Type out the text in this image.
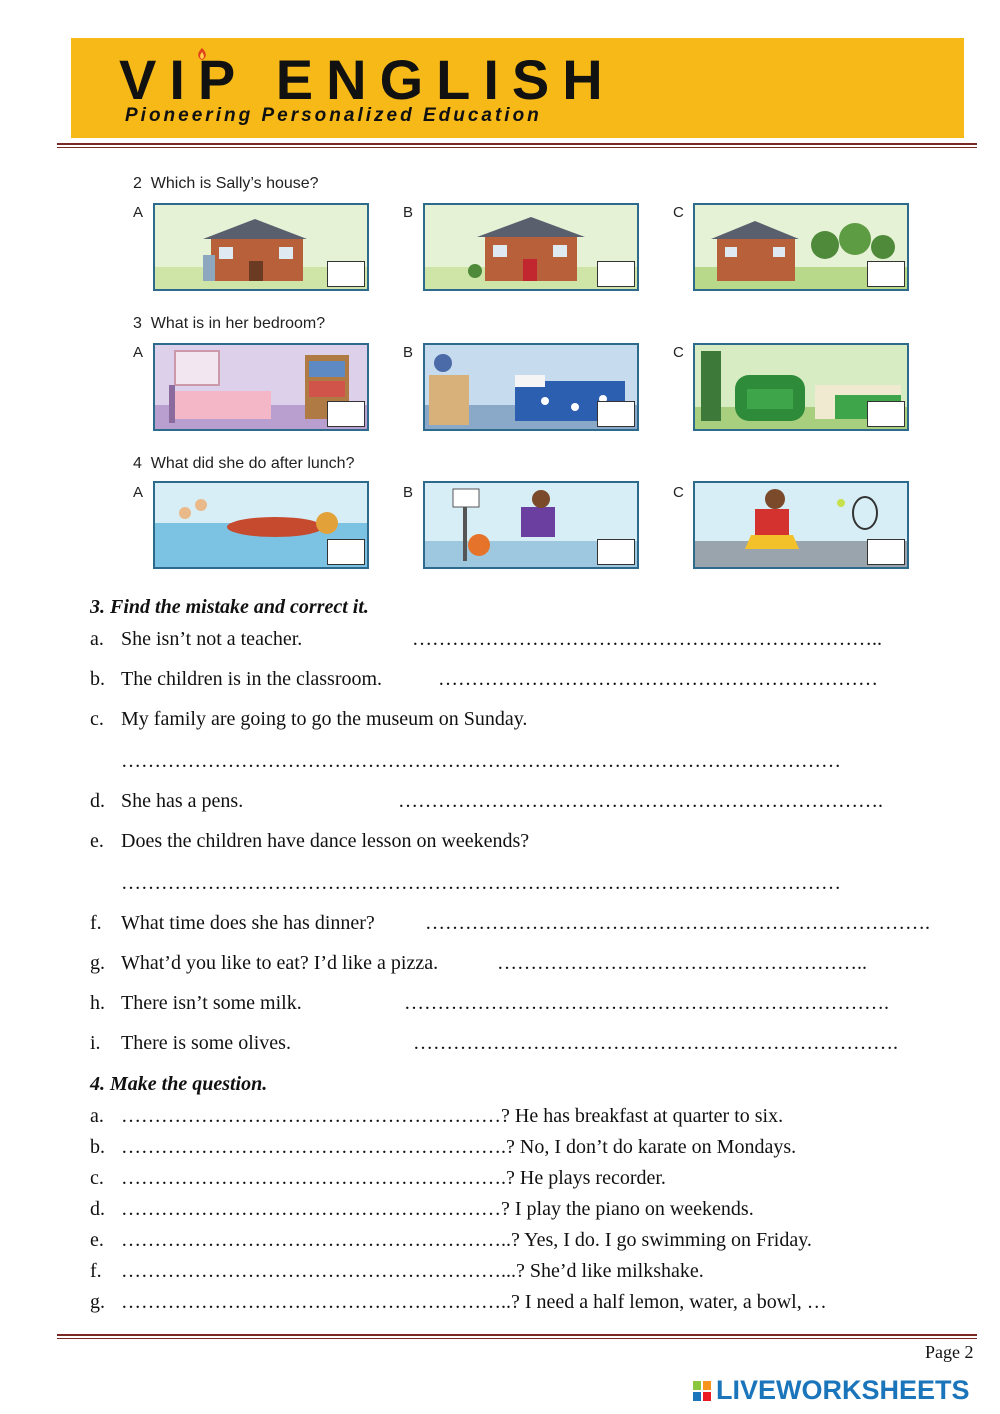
VIP ENGLISH
Pioneering Personalized Education
2 Which is Sally’s house?
A	B	C
3 What is in her bedroom?
A	B	C
4 What did she do after lunch?
A	B	C
3. Find the mistake and correct it.
a. She isn’t not a teacher.	……………………………………………………………..
b. The children is in the classroom.	…………………………………………………………
c. My family are going to go the museum on Sunday.
………………………………………………………………………………………………
d. She has a pens.	……………………………………………………………….
e. Does the children have dance lesson on weekends?
………………………………………………………………………………………………
f. What time does she has dinner?	………………………………………………………………….
g. What’d you like to eat? I’d like a pizza.	………………………………………………..
h. There isn’t some milk.	……………………………………………………………….
i. There is some olives.	……………………………………………………………….
4. Make the question.
a. …………………………………………………? He has breakfast at quarter to six.
b. ………………………………………………….? No, I don’t do karate on Mondays.
c. ………………………………………………….? He plays recorder.
d. …………………………………………………? I play the piano on weekends.
e. …………………………………………………..? Yes, I do. I go swimming on Friday.
f. …………………………………………………...? She’d like milkshake.
g. …………………………………………………..? I need a half lemon, water, a bowl, …
Page 2
LIVEWORKSHEETS
